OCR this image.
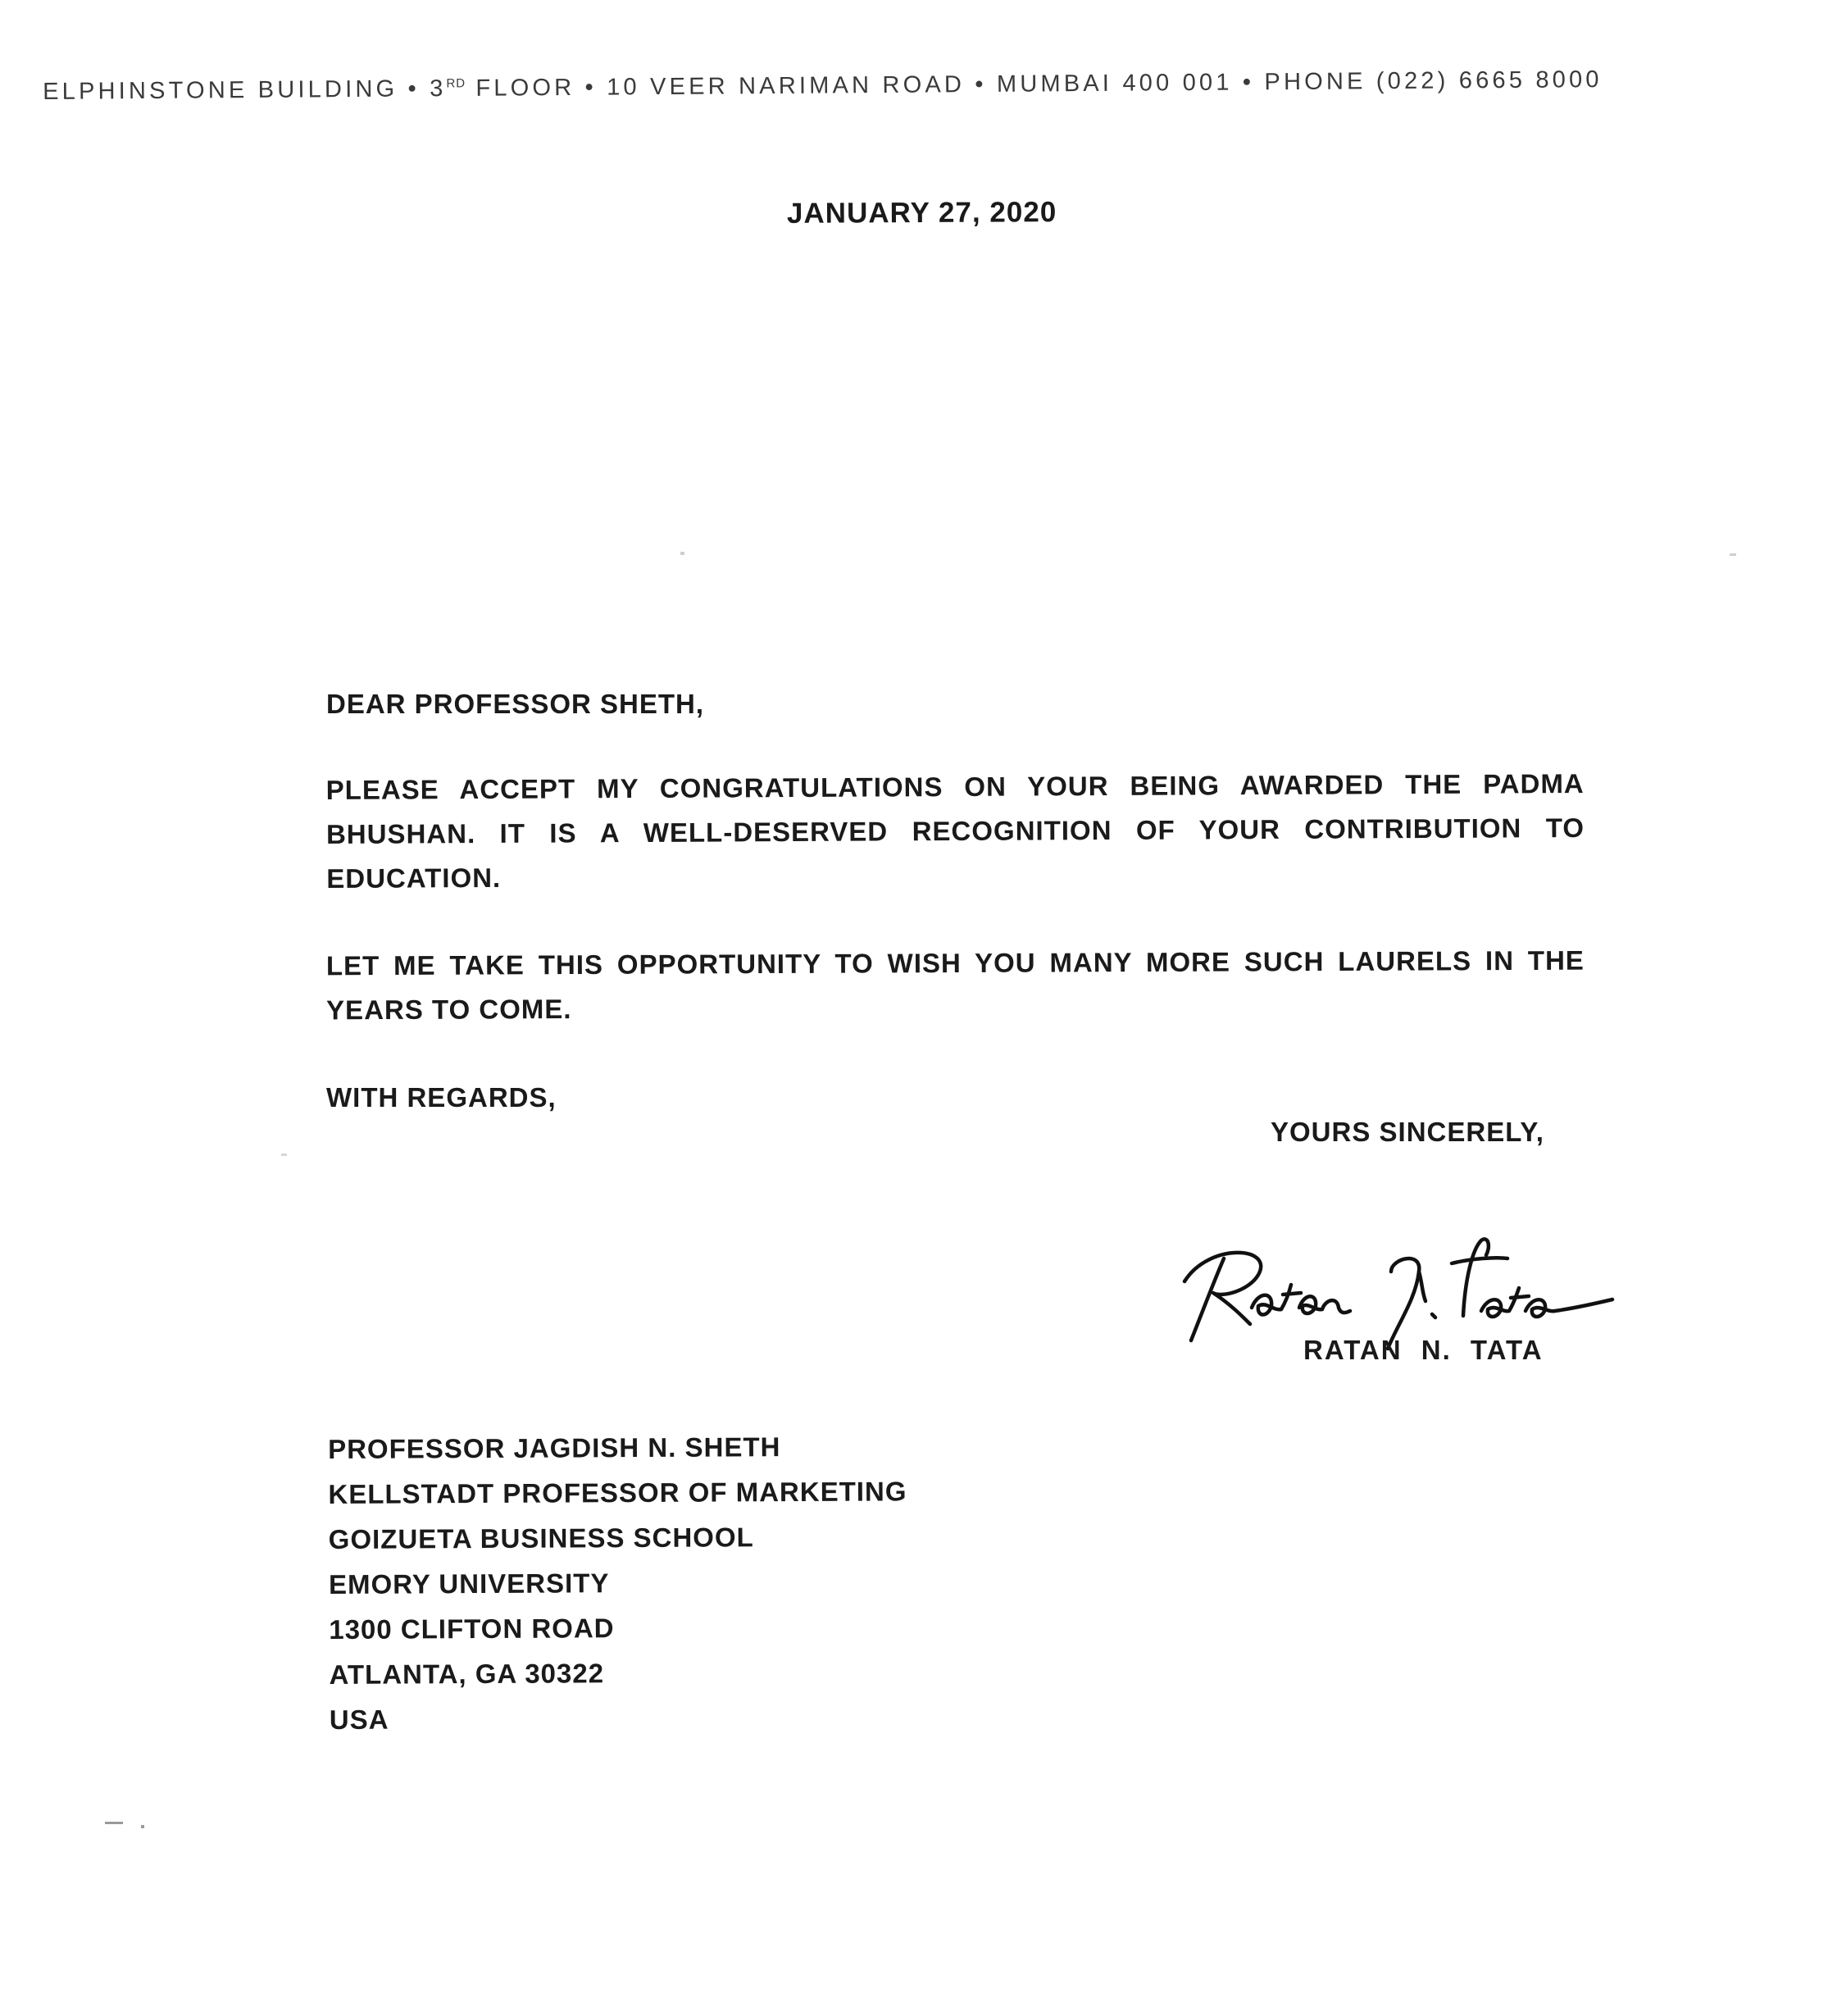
ELPHINSTONE BUILDING • 3RD FLOOR • 10 VEER NARIMAN ROAD • MUMBAI 400 001 • PHONE (022) 6665 8000
JANUARY 27, 2020
DEAR PROFESSOR SHETH,
PLEASE ACCEPT MY CONGRATULATIONS ON YOUR BEING AWARDED THE PADMA BHUSHAN. IT IS A WELL-DESERVED RECOGNITION OF YOUR CONTRIBUTION TO EDUCATION.
LET ME TAKE THIS OPPORTUNITY TO WISH YOU MANY MORE SUCH LAURELS IN THE YEARS TO COME.
WITH REGARDS,
YOURS SINCERELY,
RATAN N. TATA
PROFESSOR JAGDISH N. SHETH
KELLSTADT PROFESSOR OF MARKETING
GOIZUETA BUSINESS SCHOOL
EMORY UNIVERSITY
1300 CLIFTON ROAD
ATLANTA, GA 30322
USA
